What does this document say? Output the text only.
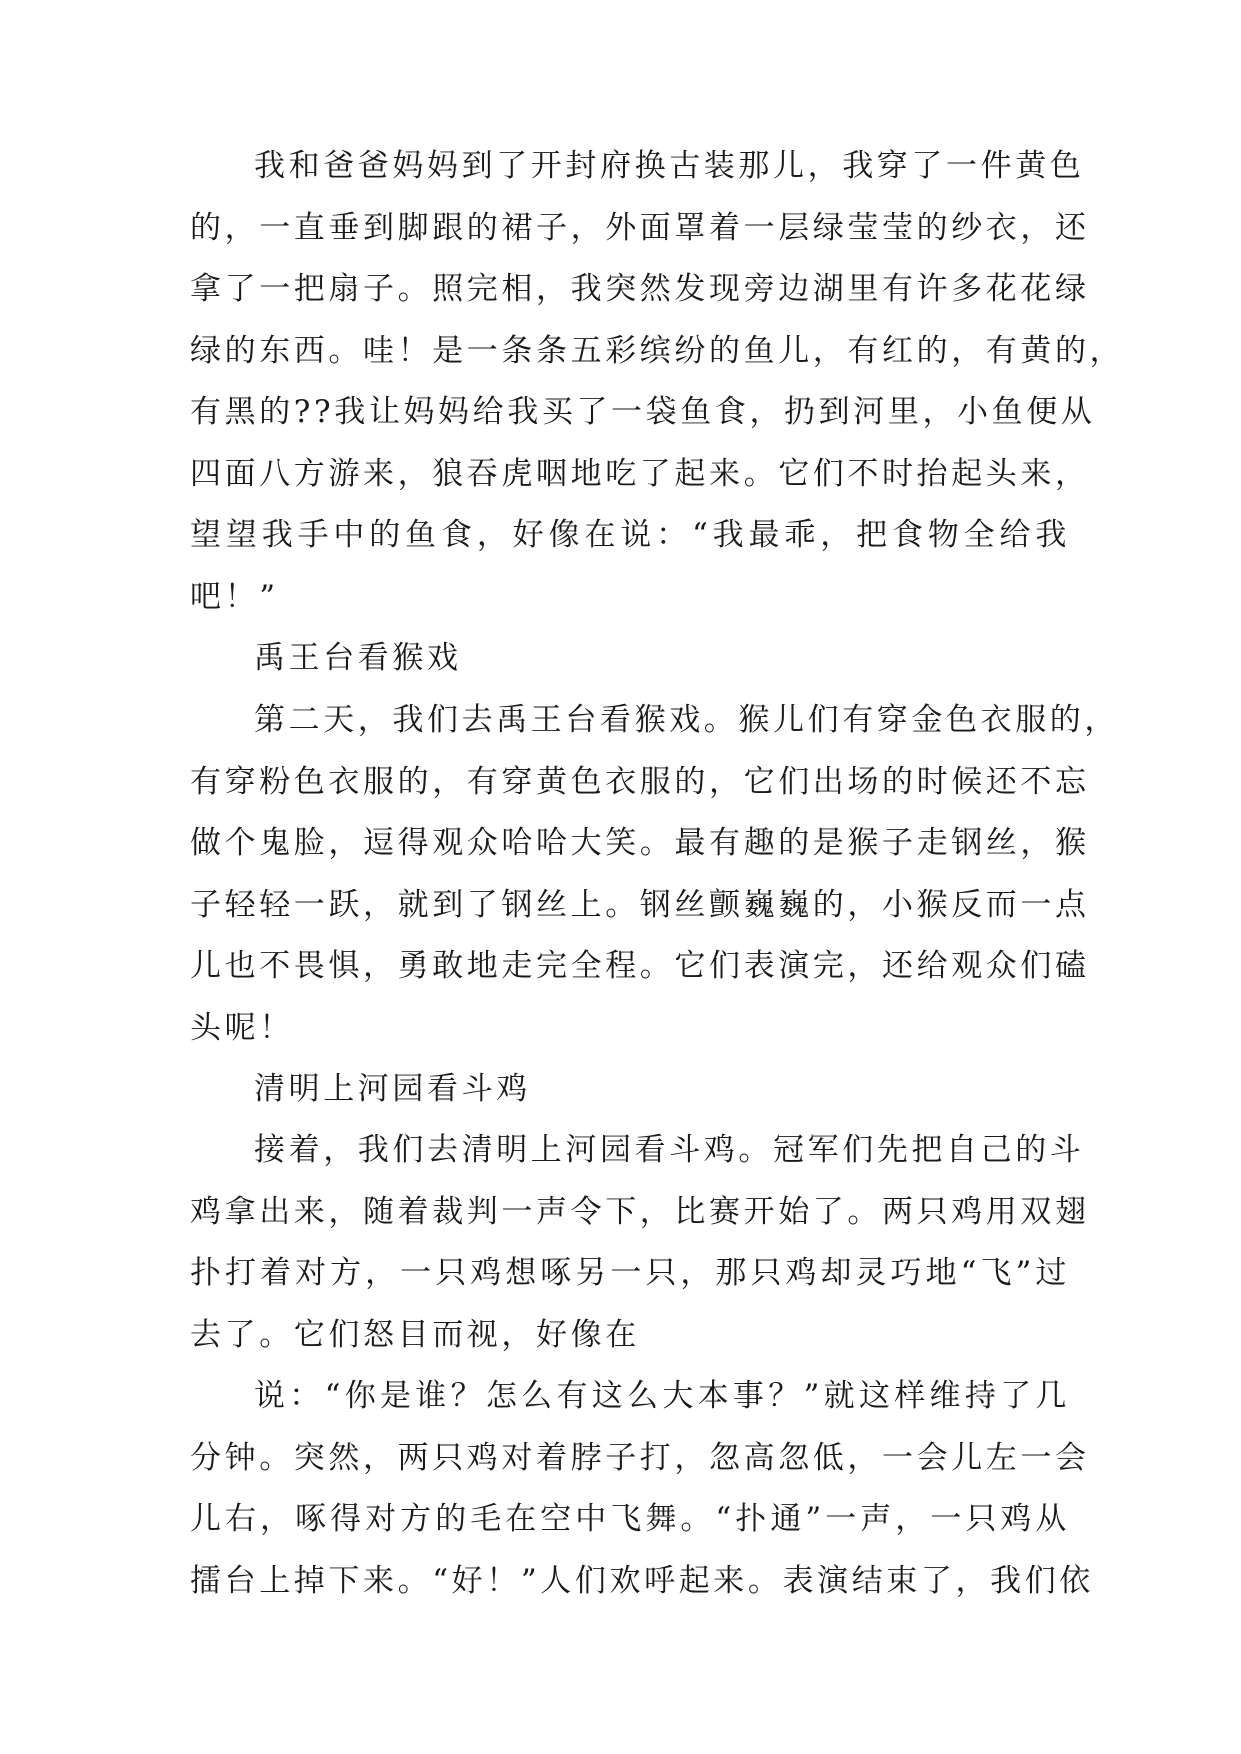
我和爸爸妈妈到了开封府换古装那儿，我穿了一件黄色
的，一直垂到脚跟的裙子，外面罩着一层绿莹莹的纱衣，还
拿了一把扇子。照完相，我突然发现旁边湖里有许多花花绿
绿的东西。哇！是一条条五彩缤纷的鱼儿，有红的，有黄的，
有黑的??我让妈妈给我买了一袋鱼食，扔到河里，小鱼便从
四面八方游来，狼吞虎咽地吃了起来。它们不时抬起头来，
望望我手中的鱼食，好像在说：“我最乖，把食物全给我
吧！”
禹王台看猴戏
第二天，我们去禹王台看猴戏。猴儿们有穿金色衣服的，
有穿粉色衣服的，有穿黄色衣服的，它们出场的时候还不忘
做个鬼脸，逗得观众哈哈大笑。最有趣的是猴子走钢丝，猴
子轻轻一跃，就到了钢丝上。钢丝颤巍巍的，小猴反而一点
儿也不畏惧，勇敢地走完全程。它们表演完，还给观众们磕
头呢！
清明上河园看斗鸡
接着，我们去清明上河园看斗鸡。冠军们先把自己的斗
鸡拿出来，随着裁判一声令下，比赛开始了。两只鸡用双翅
扑打着对方，一只鸡想啄另一只，那只鸡却灵巧地“飞”过
去了。它们怒目而视，好像在
说：“你是谁？怎么有这么大本事？”就这样维持了几
分钟。突然，两只鸡对着脖子打，忽高忽低，一会儿左一会
儿右，啄得对方的毛在空中飞舞。“扑通”一声，一只鸡从
擂台上掉下来。“好！”人们欢呼起来。表演结束了，我们依
